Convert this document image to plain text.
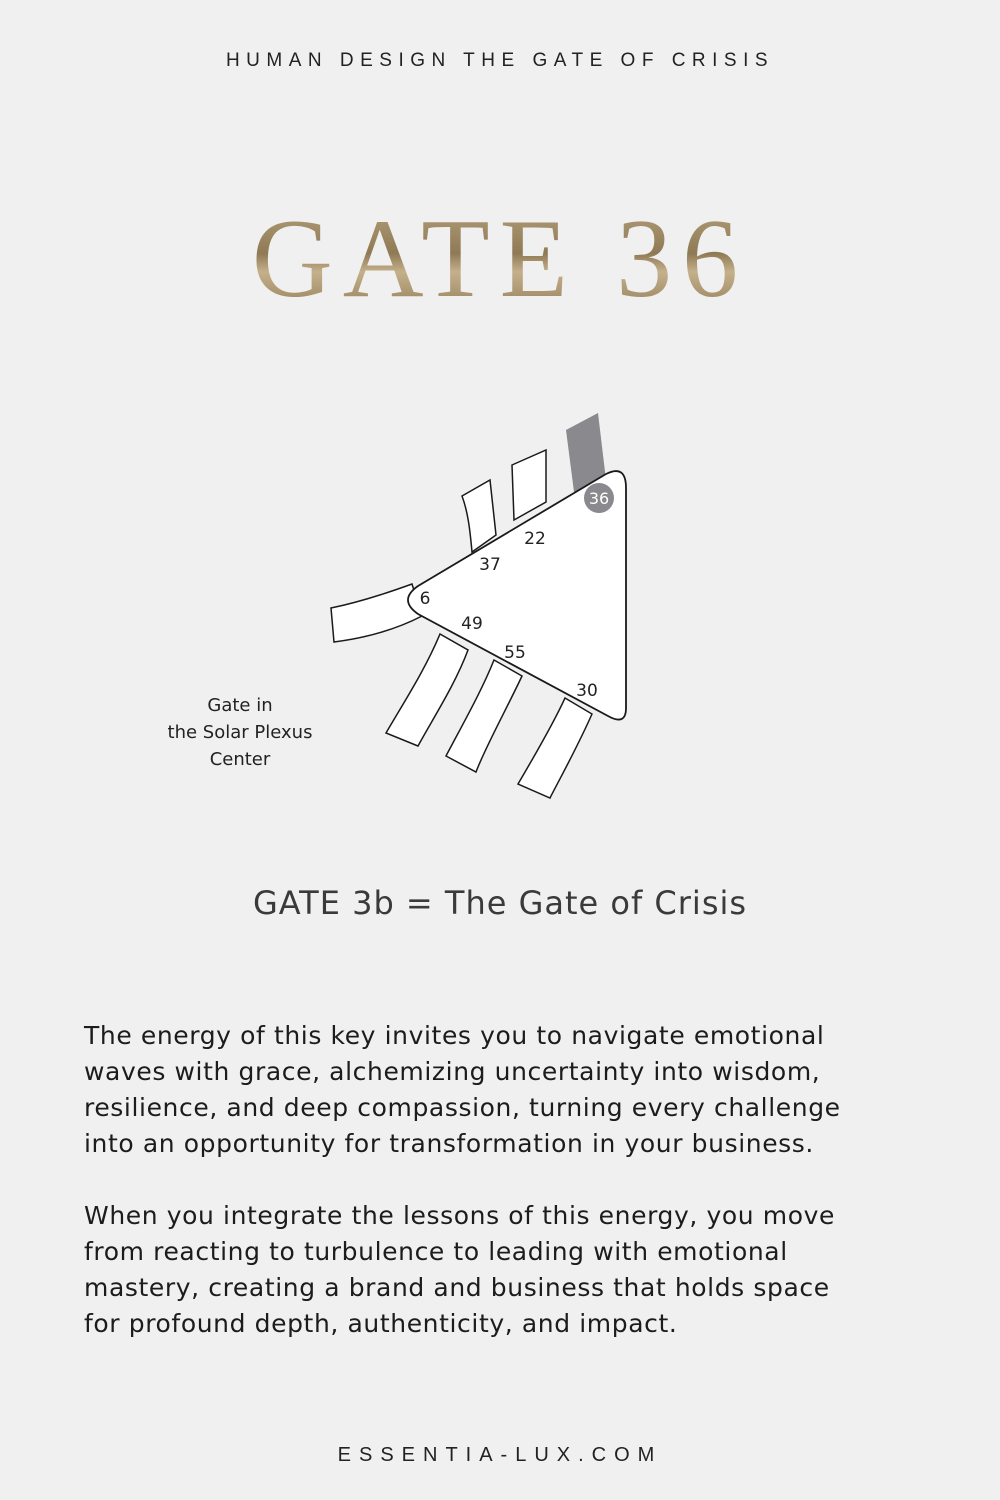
HUMAN DESIGN THE GATE OF CRISIS
GATE 36
36
22
37
6
49
55
30
Gate in
the Solar Plexus
Center
GATE 3b = The Gate of Crisis
The energy of this key invites you to navigate emotional
waves with grace, alchemizing uncertainty into wisdom,
resilience, and deep compassion, turning every challenge
into an opportunity for transformation in your business.
When you integrate the lessons of this energy, you move
from reacting to turbulence to leading with emotional
mastery, creating a brand and business that holds space
for profound depth, authenticity, and impact.
ESSENTIA-LUX.COM
